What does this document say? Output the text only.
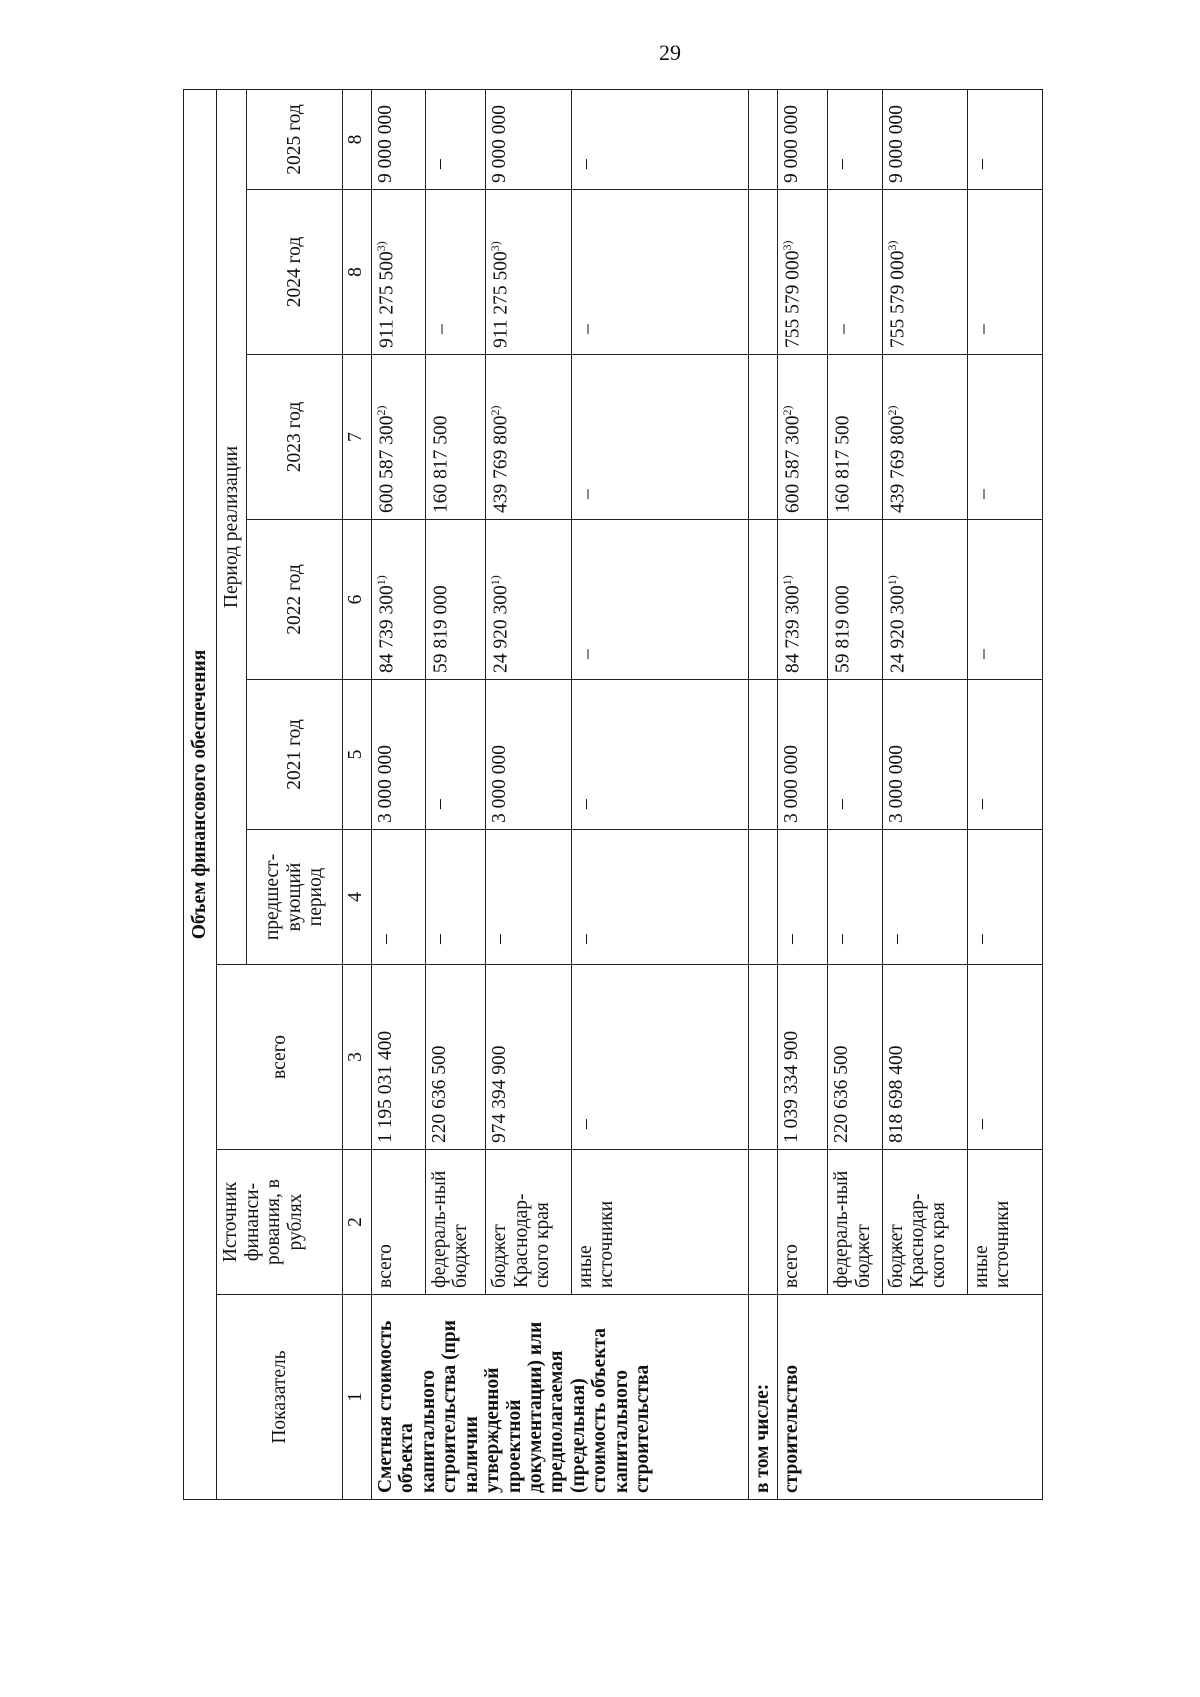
29
Объем финансового обеспечения								
Показатель	Источник финанси-рования, в рублях	всего	Период реализации					
			предшест-вующий период	2021 год	2022 год	2023 год	2024 год	2025 год
1	2	3	4	5	6	7	8	8
Сметная стоимость объекта капитального строительства (при наличии утвержденной проектной документации) или предполагаемая (предельная) стоимость объекта капитального строительства	всего	1 195 031 400	–	3 000 000	84 739 300$^{1)}$	600 587 300$^{2)}$	911 275 500$^{3)}$	9 000 000
	федераль-ный бюджет	220 636 500	–	–	59 819 000	160 817 500	–	–
	бюджет Краснодар-ского края	974 394 900	–	3 000 000	24 920 300$^{1)}$	439 769 800$^{2)}$	911 275 500$^{3)}$	9 000 000
	иные источники	–	–	–	–	–	–	–
в том числе:								
строительство	всего	1 039 334 900	–	3 000 000	84 739 300$^{1)}$	600 587 300$^{2)}$	755 579 000$^{3)}$	9 000 000
	федераль-ный бюджет	220 636 500	–	–	59 819 000	160 817 500	–	–
	бюджет Краснодар-ского края	818 698 400	–	3 000 000	24 920 300$^{1)}$	439 769 800$^{2)}$	755 579 000$^{3)}$	9 000 000
	иные источники	–	–	–	–	–	–	–
